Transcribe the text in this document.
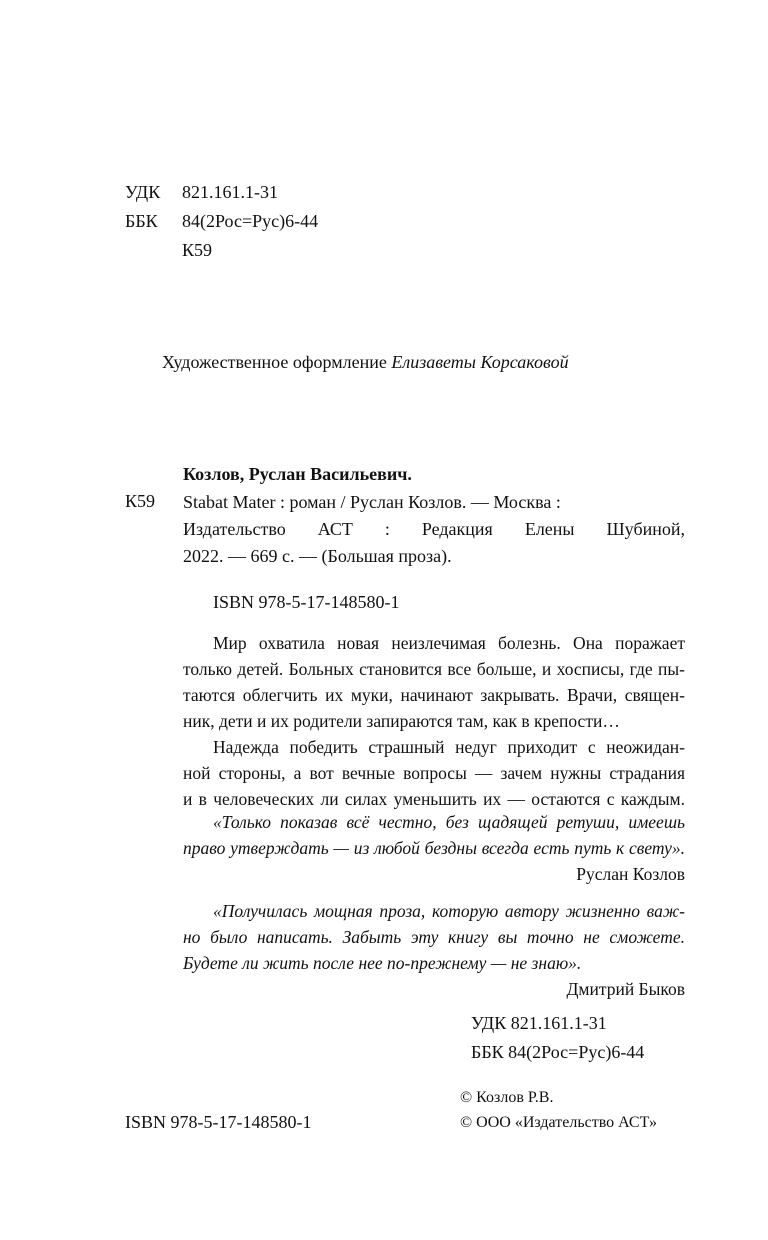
УДК	821.161.1-31
ББК	84(2Рос=Рус)6-44
К59

Художественное оформление Елизаветы Корсаковой

Козлов, Руслан Васильевич.

К59 Stabat Mater : роман / Руслан Козлов. — Москва :

Издательство АСТ : Редакция Елены Шубиной,

2022. — 669 с. — (Большая проза).

ISBN 978-5-17-148580-1

Мир охватила новая неизлечимая болезнь. Она поражает
только детей. Больных становится все больше, и хосписы, где пы-
таются облегчить их муки, начинают закрывать. Врачи, священ-
ник, дети и их родители запираются там, как в крепости…
Надежда победить страшный недуг приходит с неожидан-
ной стороны, а вот вечные вопросы — зачем нужны страдания
и в человеческих ли силах уменьшить их — остаются с каждым.
«Только показав всё честно, без щадящей ретуши, имеешь
право утверждать — из любой бездны всегда есть путь к свету».
Руслан Козлов
«Получилась мощная проза, которую автору жизненно важ-
но было написать. Забыть эту книгу вы точно не сможете.
Будете ли жить после нее по-прежнему — не знаю».
Дмитрий Быков

УДК 821.161.1-31

ББК 84(2Рос=Рус)6-44

ISBN 978-5-17-148580-1

© Козлов Р.В.

© ООО «Издательство АСТ»
